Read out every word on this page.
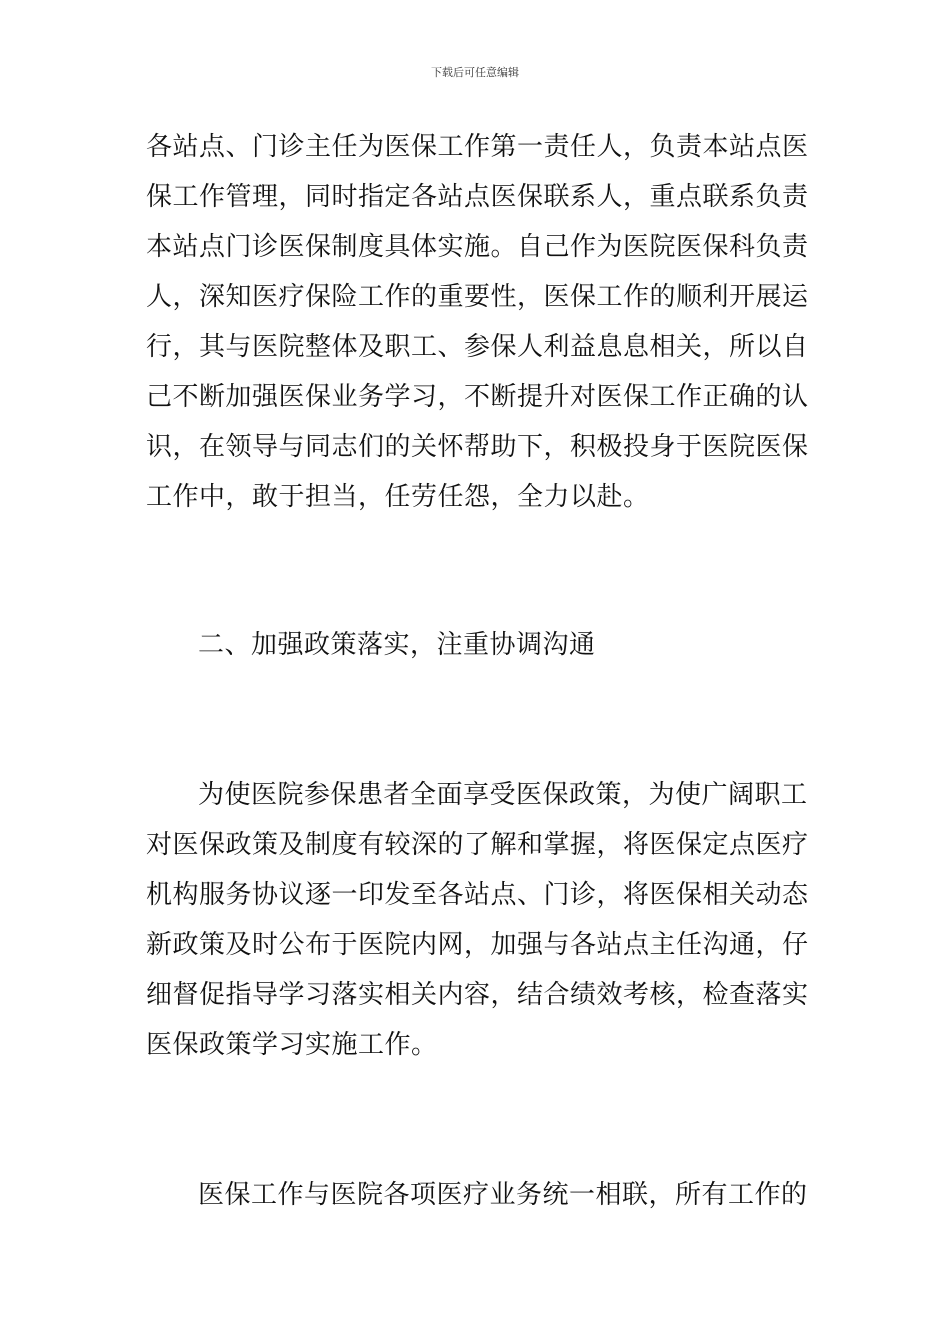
下载后可任意编辑
各站点、门诊主任为医保工作第一责任人，负责本站点医
保工作管理，同时指定各站点医保联系人，重点联系负责
本站点门诊医保制度具体实施。自己作为医院医保科负责
人，深知医疗保险工作的重要性，医保工作的顺利开展运
行，其与医院整体及职工、参保人利益息息相关，所以自
己不断加强医保业务学习，不断提升对医保工作正确的认
识，在领导与同志们的关怀帮助下，积极投身于医院医保
工作中，敢于担当，任劳任怨，全力以赴。
二、加强政策落实，注重协调沟通
为使医院参保患者全面享受医保政策，为使广阔职工
对医保政策及制度有较深的了解和掌握，将医保定点医疗
机构服务协议逐一印发至各站点、门诊，将医保相关动态
新政策及时公布于医院内网，加强与各站点主任沟通，仔
细督促指导学习落实相关内容，结合绩效考核，检查落实
医保政策学习实施工作。
医保工作与医院各项医疗业务统一相联，所有工作的
